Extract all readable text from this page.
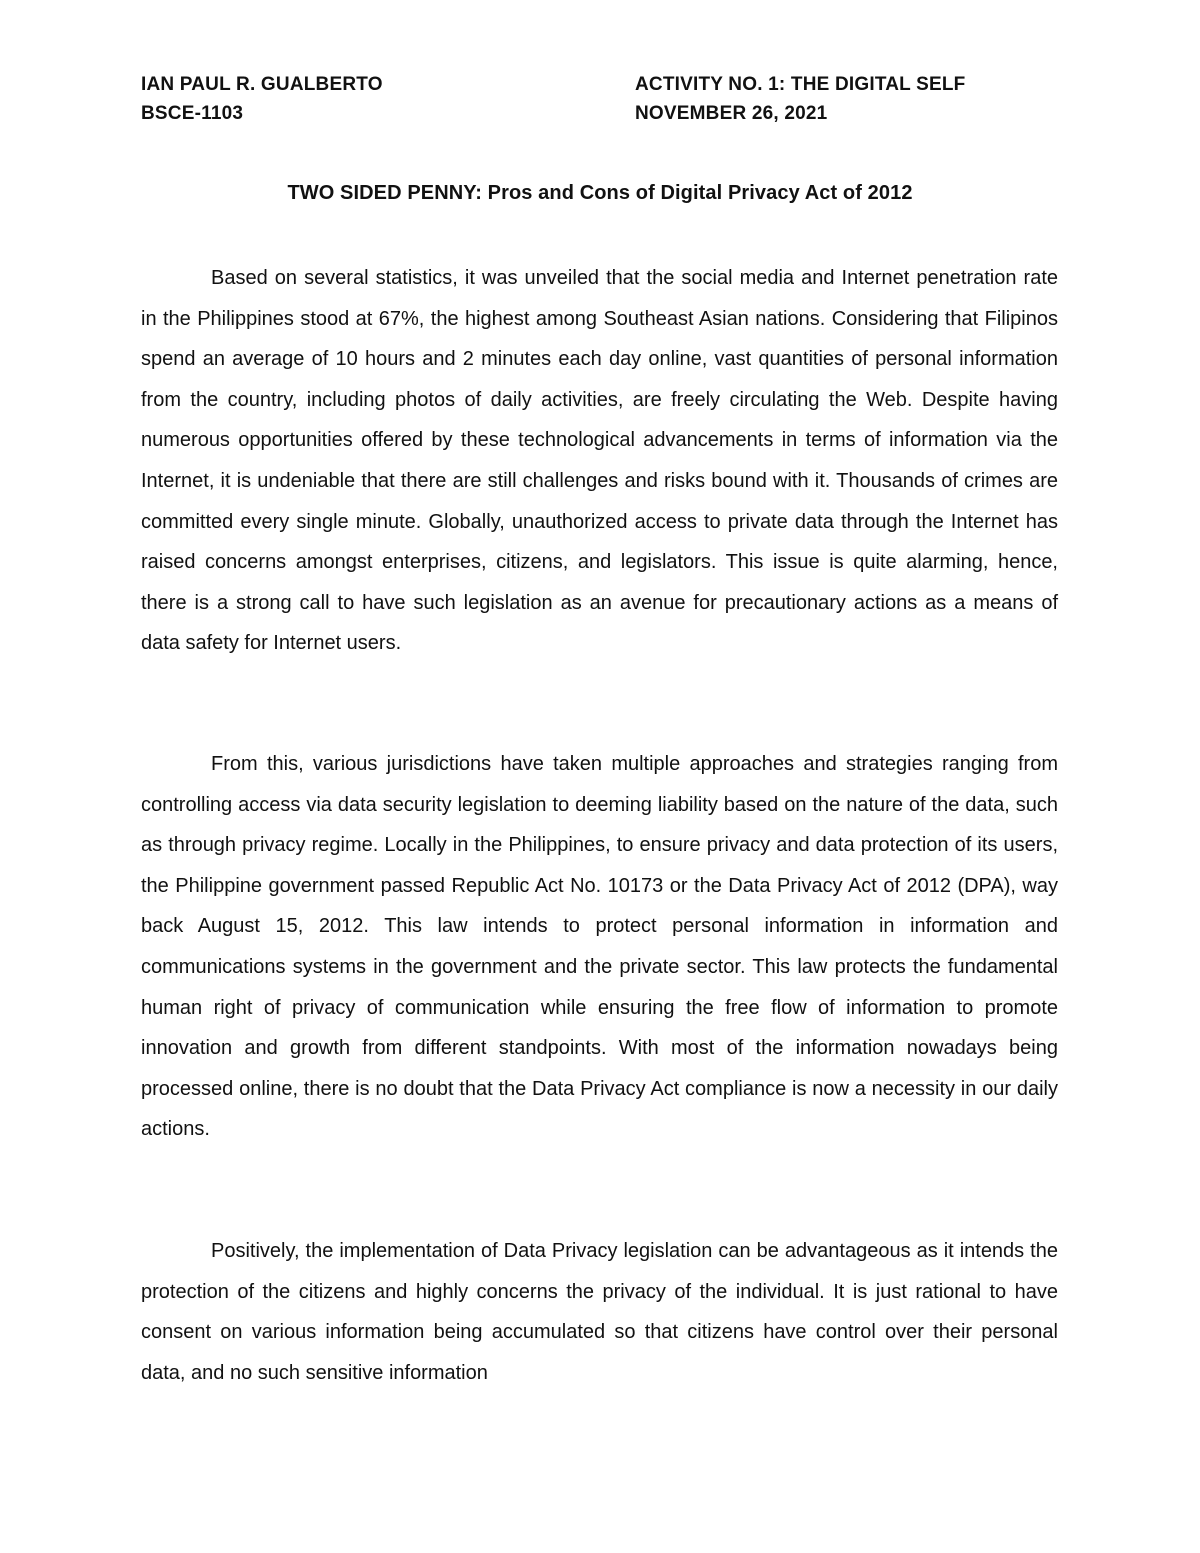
IAN PAUL R. GUALBERTO	ACTIVITY NO. 1: THE DIGITAL SELF
BSCE-1103	NOVEMBER 26, 2021
TWO SIDED PENNY: Pros and Cons of Digital Privacy Act of 2012

Based on several statistics, it was unveiled that the social media and Internet penetration rate in the Philippines stood at 67%, the highest among Southeast Asian nations. Considering that Filipinos spend an average of 10 hours and 2 minutes each day online, vast quantities of personal information from the country, including photos of daily activities, are freely circulating the Web. Despite having numerous opportunities offered by these technological advancements in terms of information via the Internet, it is undeniable that there are still challenges and risks bound with it. Thousands of crimes are committed every single minute. Globally, unauthorized access to private data through the Internet has raised concerns amongst enterprises, citizens, and legislators. This issue is quite alarming, hence, there is a strong call to have such legislation as an avenue for precautionary actions as a means of data safety for Internet users.

From this, various jurisdictions have taken multiple approaches and strategies ranging from controlling access via data security legislation to deeming liability based on the nature of the data, such as through privacy regime. Locally in the Philippines, to ensure privacy and data protection of its users, the Philippine government passed Republic Act No. 10173 or the Data Privacy Act of 2012 (DPA), way back August 15, 2012. This law intends to protect personal information in information and communications systems in the government and the private sector. This law protects the fundamental human right of privacy of communication while ensuring the free flow of information to promote innovation and growth from different standpoints. With most of the information nowadays being processed online, there is no doubt that the Data Privacy Act compliance is now a necessity in our daily actions.

Positively, the implementation of Data Privacy legislation can be advantageous as it intends the protection of the citizens and highly concerns the privacy of the individual. It is just rational to have consent on various information being accumulated so that citizens have control over their personal data, and no such sensitive information
